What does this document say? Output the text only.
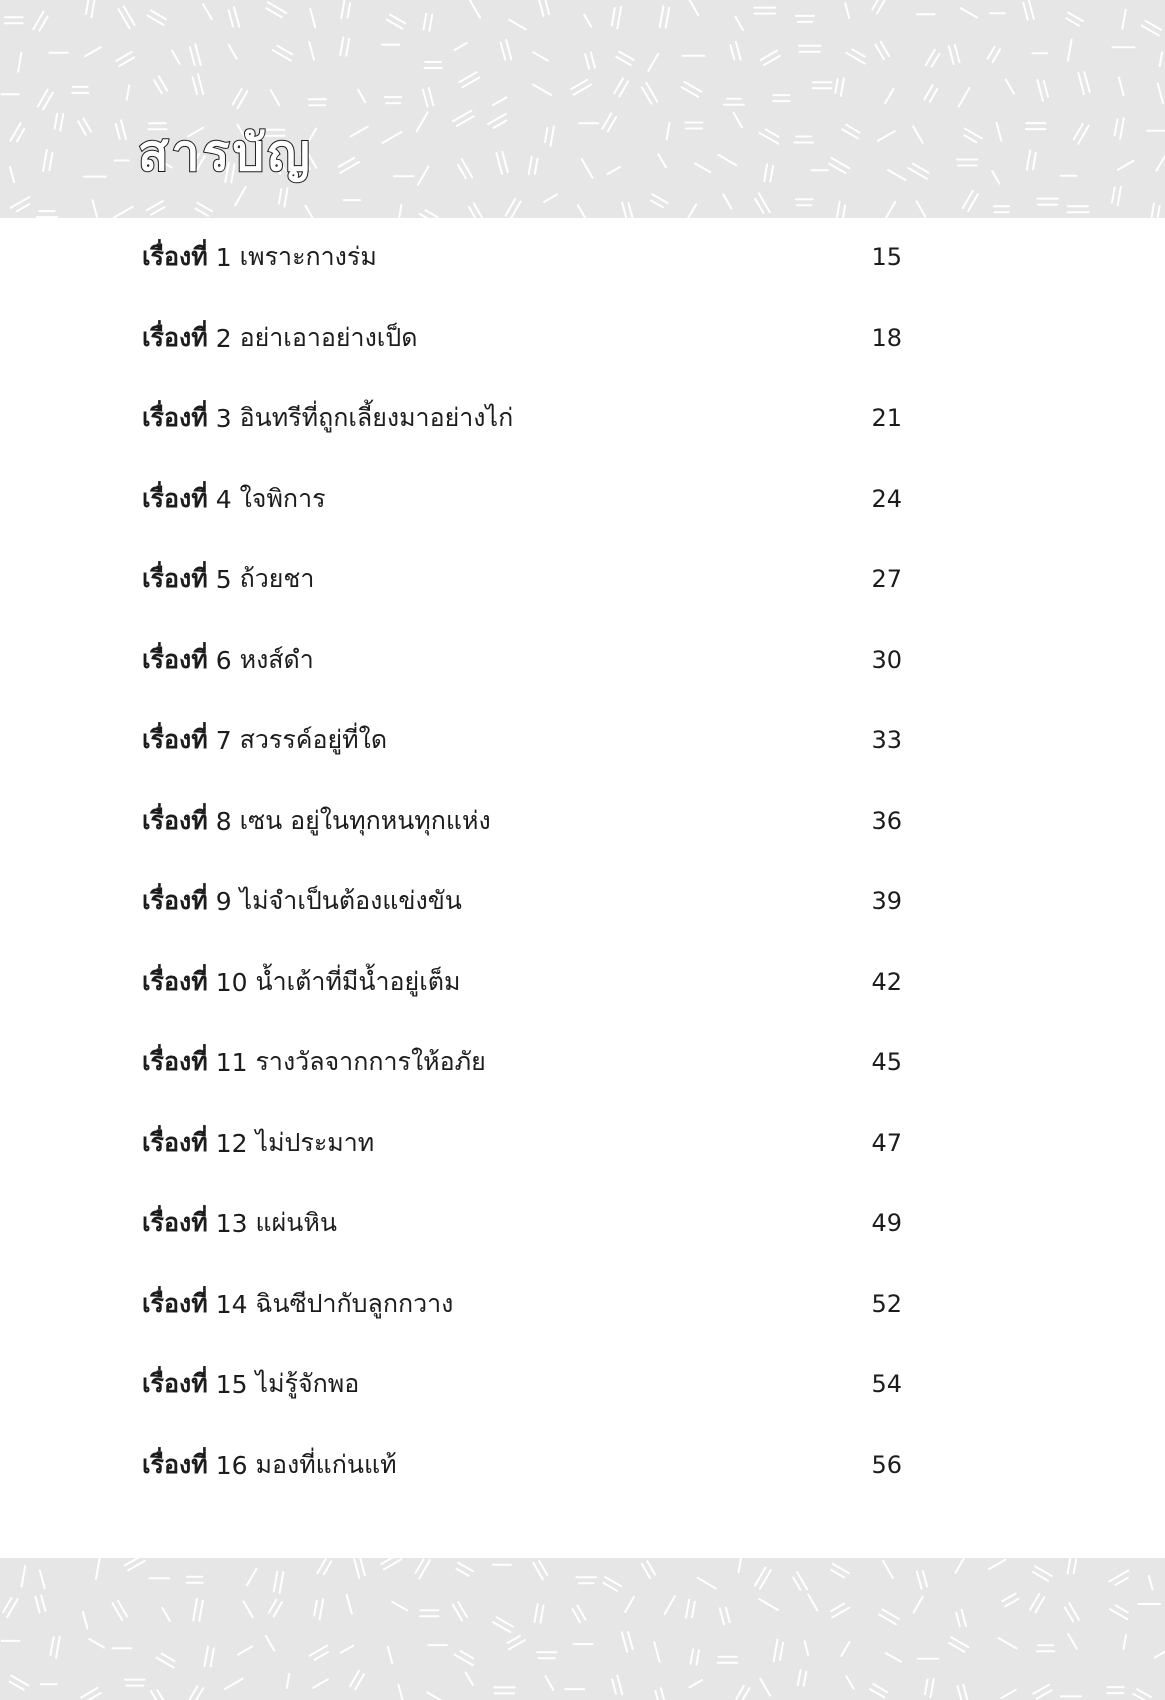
สารบัญ
เรื่องที่ 1 เพราะกางร่ม	15
เรื่องที่ 2 อย่าเอาอย่างเป็ด	18
เรื่องที่ 3 อินทรีที่ถูกเลี้ยงมาอย่างไก่	21
เรื่องที่ 4 ใจพิการ	24
เรื่องที่ 5 ถ้วยชา	27
เรื่องที่ 6 หงส์ดำ	30
เรื่องที่ 7 สวรรค์อยู่ที่ใด	33
เรื่องที่ 8 เซน อยู่ในทุกหนทุกแห่ง	36
เรื่องที่ 9 ไม่จำเป็นต้องแข่งขัน	39
เรื่องที่ 10 น้ำเต้าที่มีน้ำอยู่เต็ม	42
เรื่องที่ 11 รางวัลจากการให้อภัย	45
เรื่องที่ 12 ไม่ประมาท	47
เรื่องที่ 13 แผ่นหิน	49
เรื่องที่ 14 ฉินซีปากับลูกกวาง	52
เรื่องที่ 15 ไม่รู้จักพอ	54
เรื่องที่ 16 มองที่แก่นแท้	56
